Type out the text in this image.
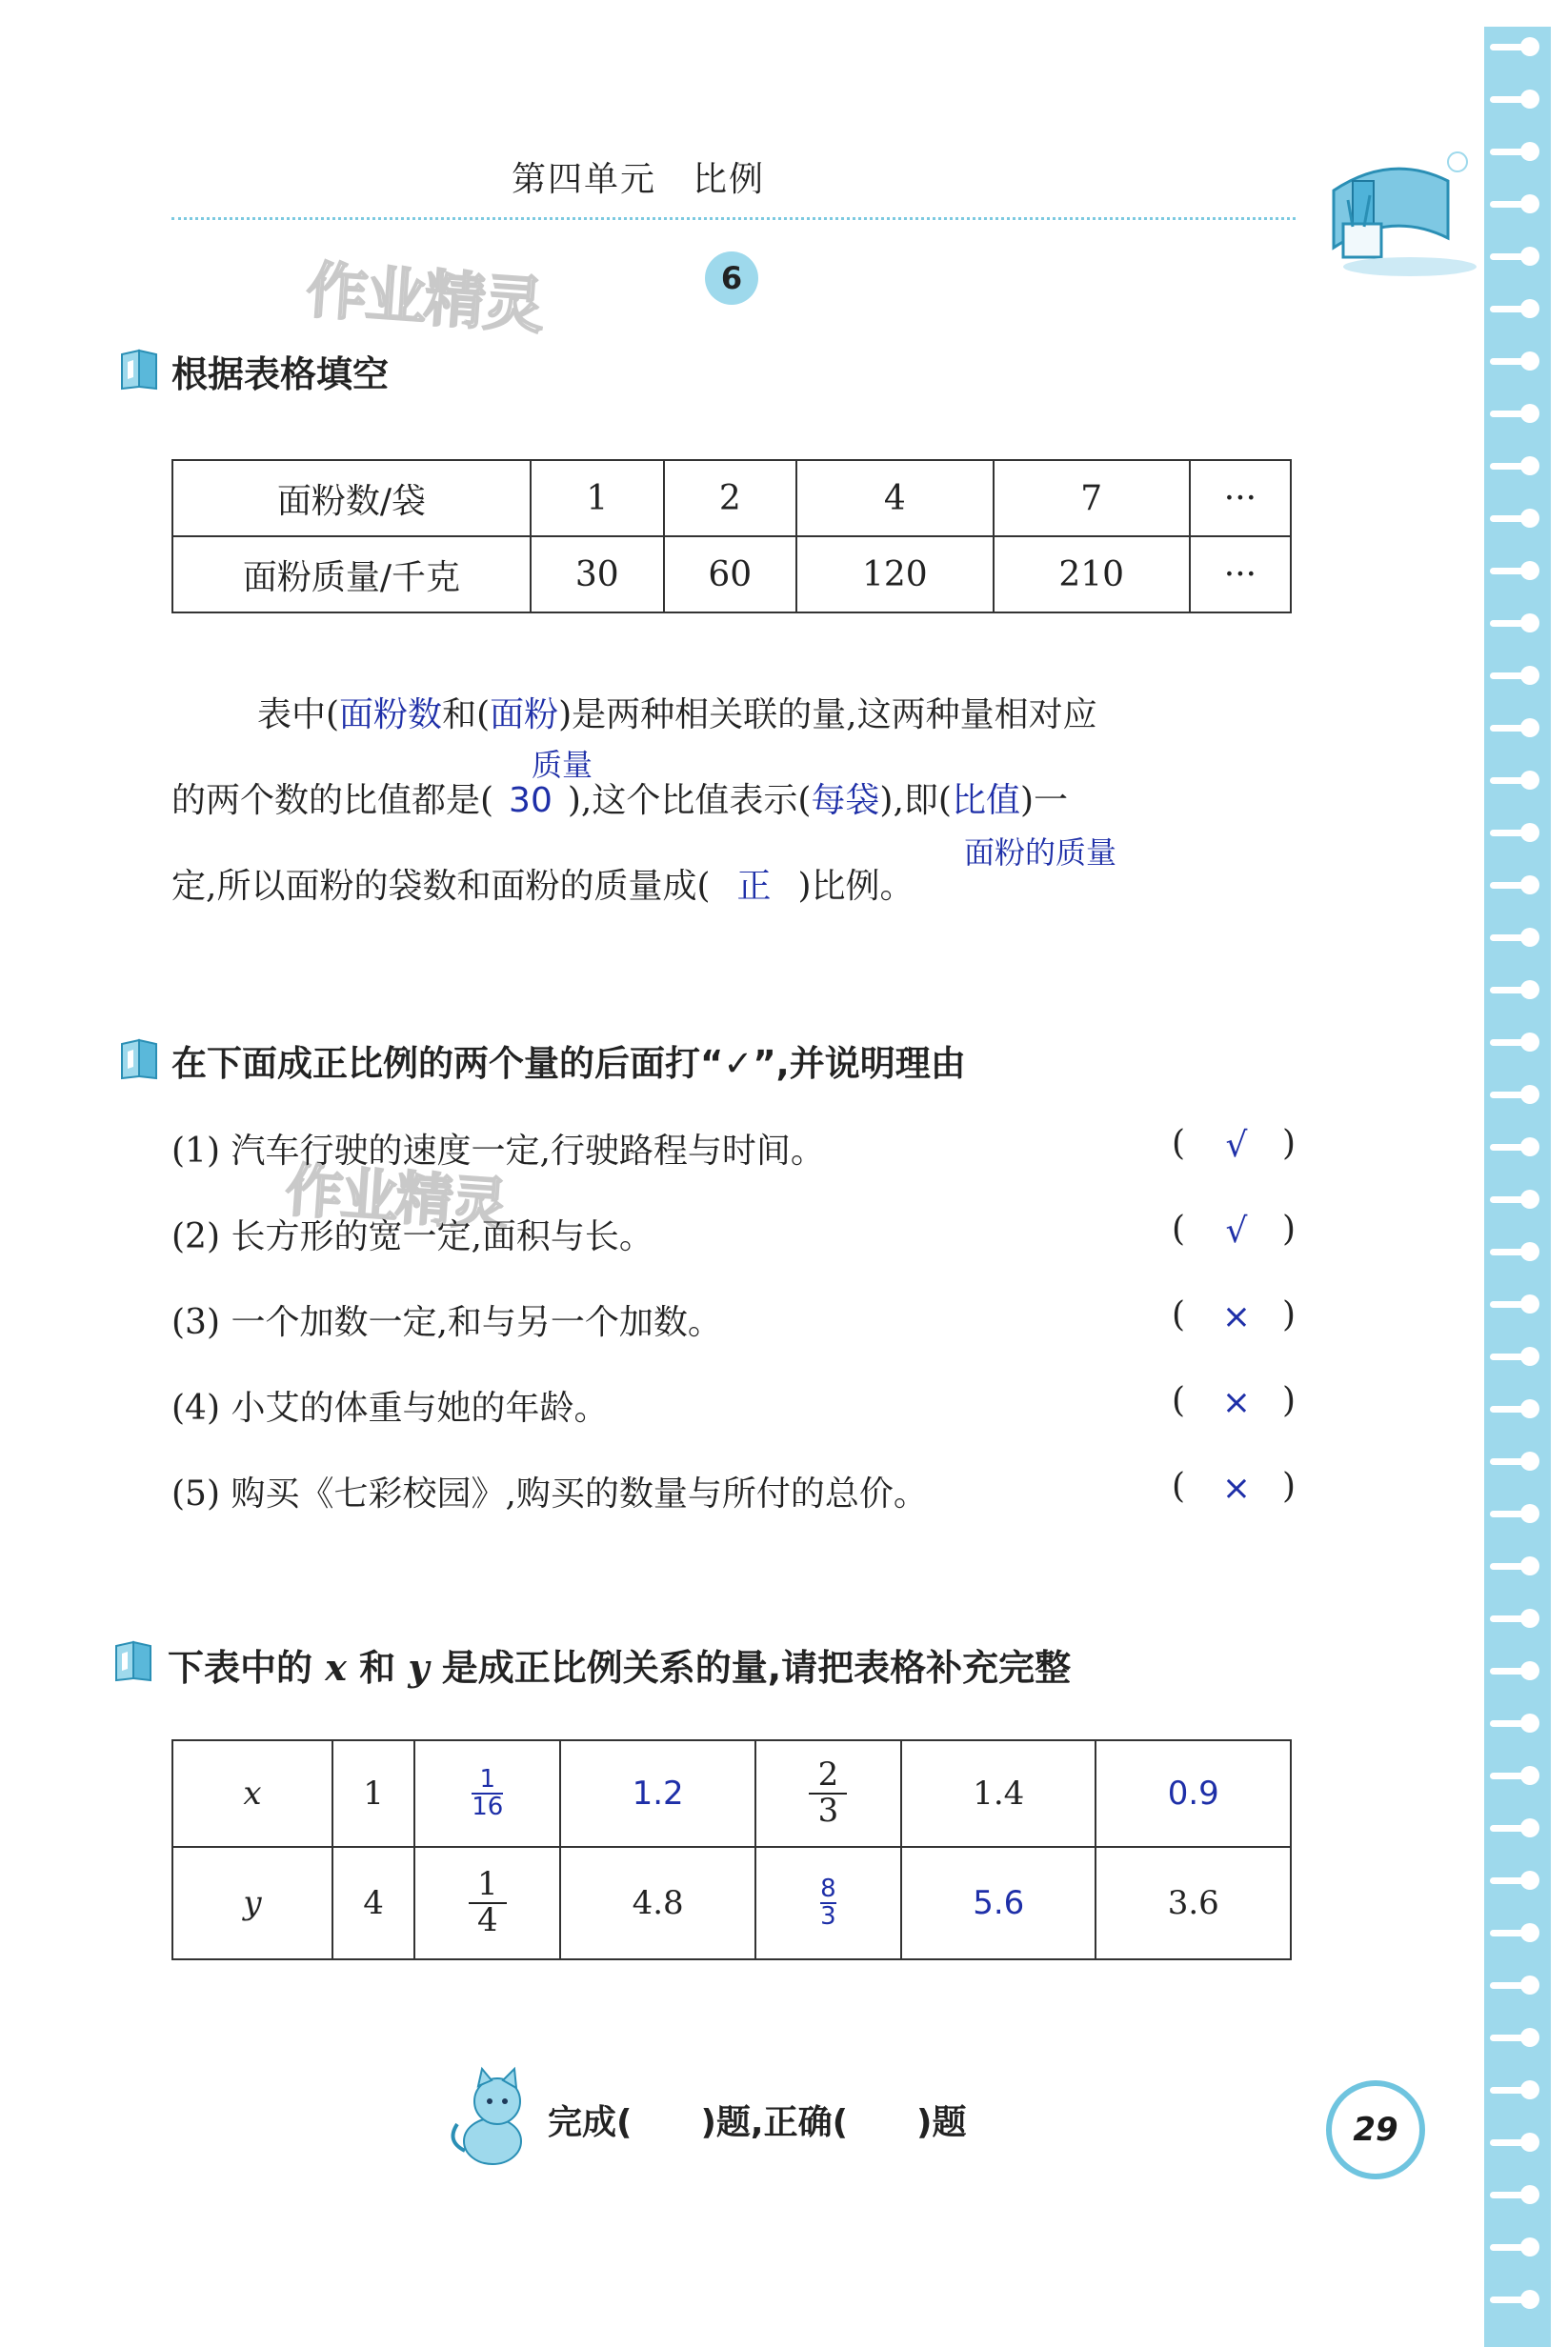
第四单元　比例
6
作业精灵
作业精灵
根据表格填空
面粉数/袋	1	2	4	7	···
面粉质量/千克	30	60	120	210	···
表中(面粉数和(面粉)是两种相关联的量,这两种量相对应
质量
的两个数的比值都是( 30 ),这个比值表示(每袋),即(比值)一
面粉的质量
定,所以面粉的袋数和面粉的质量成( 正 )比例。
在下面成正比例的两个量的后面打“✓”,并说明理由
(1) 汽车行驶的速度一定,行驶路程与时间。	(	)
√
(2) 长方形的宽一定,面积与长。	(	)
√
(3) 一个加数一定,和与另一个加数。	(	)
×
(4) 小艾的体重与她的年龄。	(	)
×
(5) 购买《七彩校园》,购买的数量与所付的总价。	(	)
×
下表中的 x 和 y 是成正比例关系的量,请把表格补充完整
x	1	$\frac{1}{16}$	1.2	$\frac{2}{3}$	1.4	0.9
y	4	$\frac{1}{4}$	4.8	$\frac{8}{3}$	5.6	3.6
完成(　　)题,正确(　　)题	29
